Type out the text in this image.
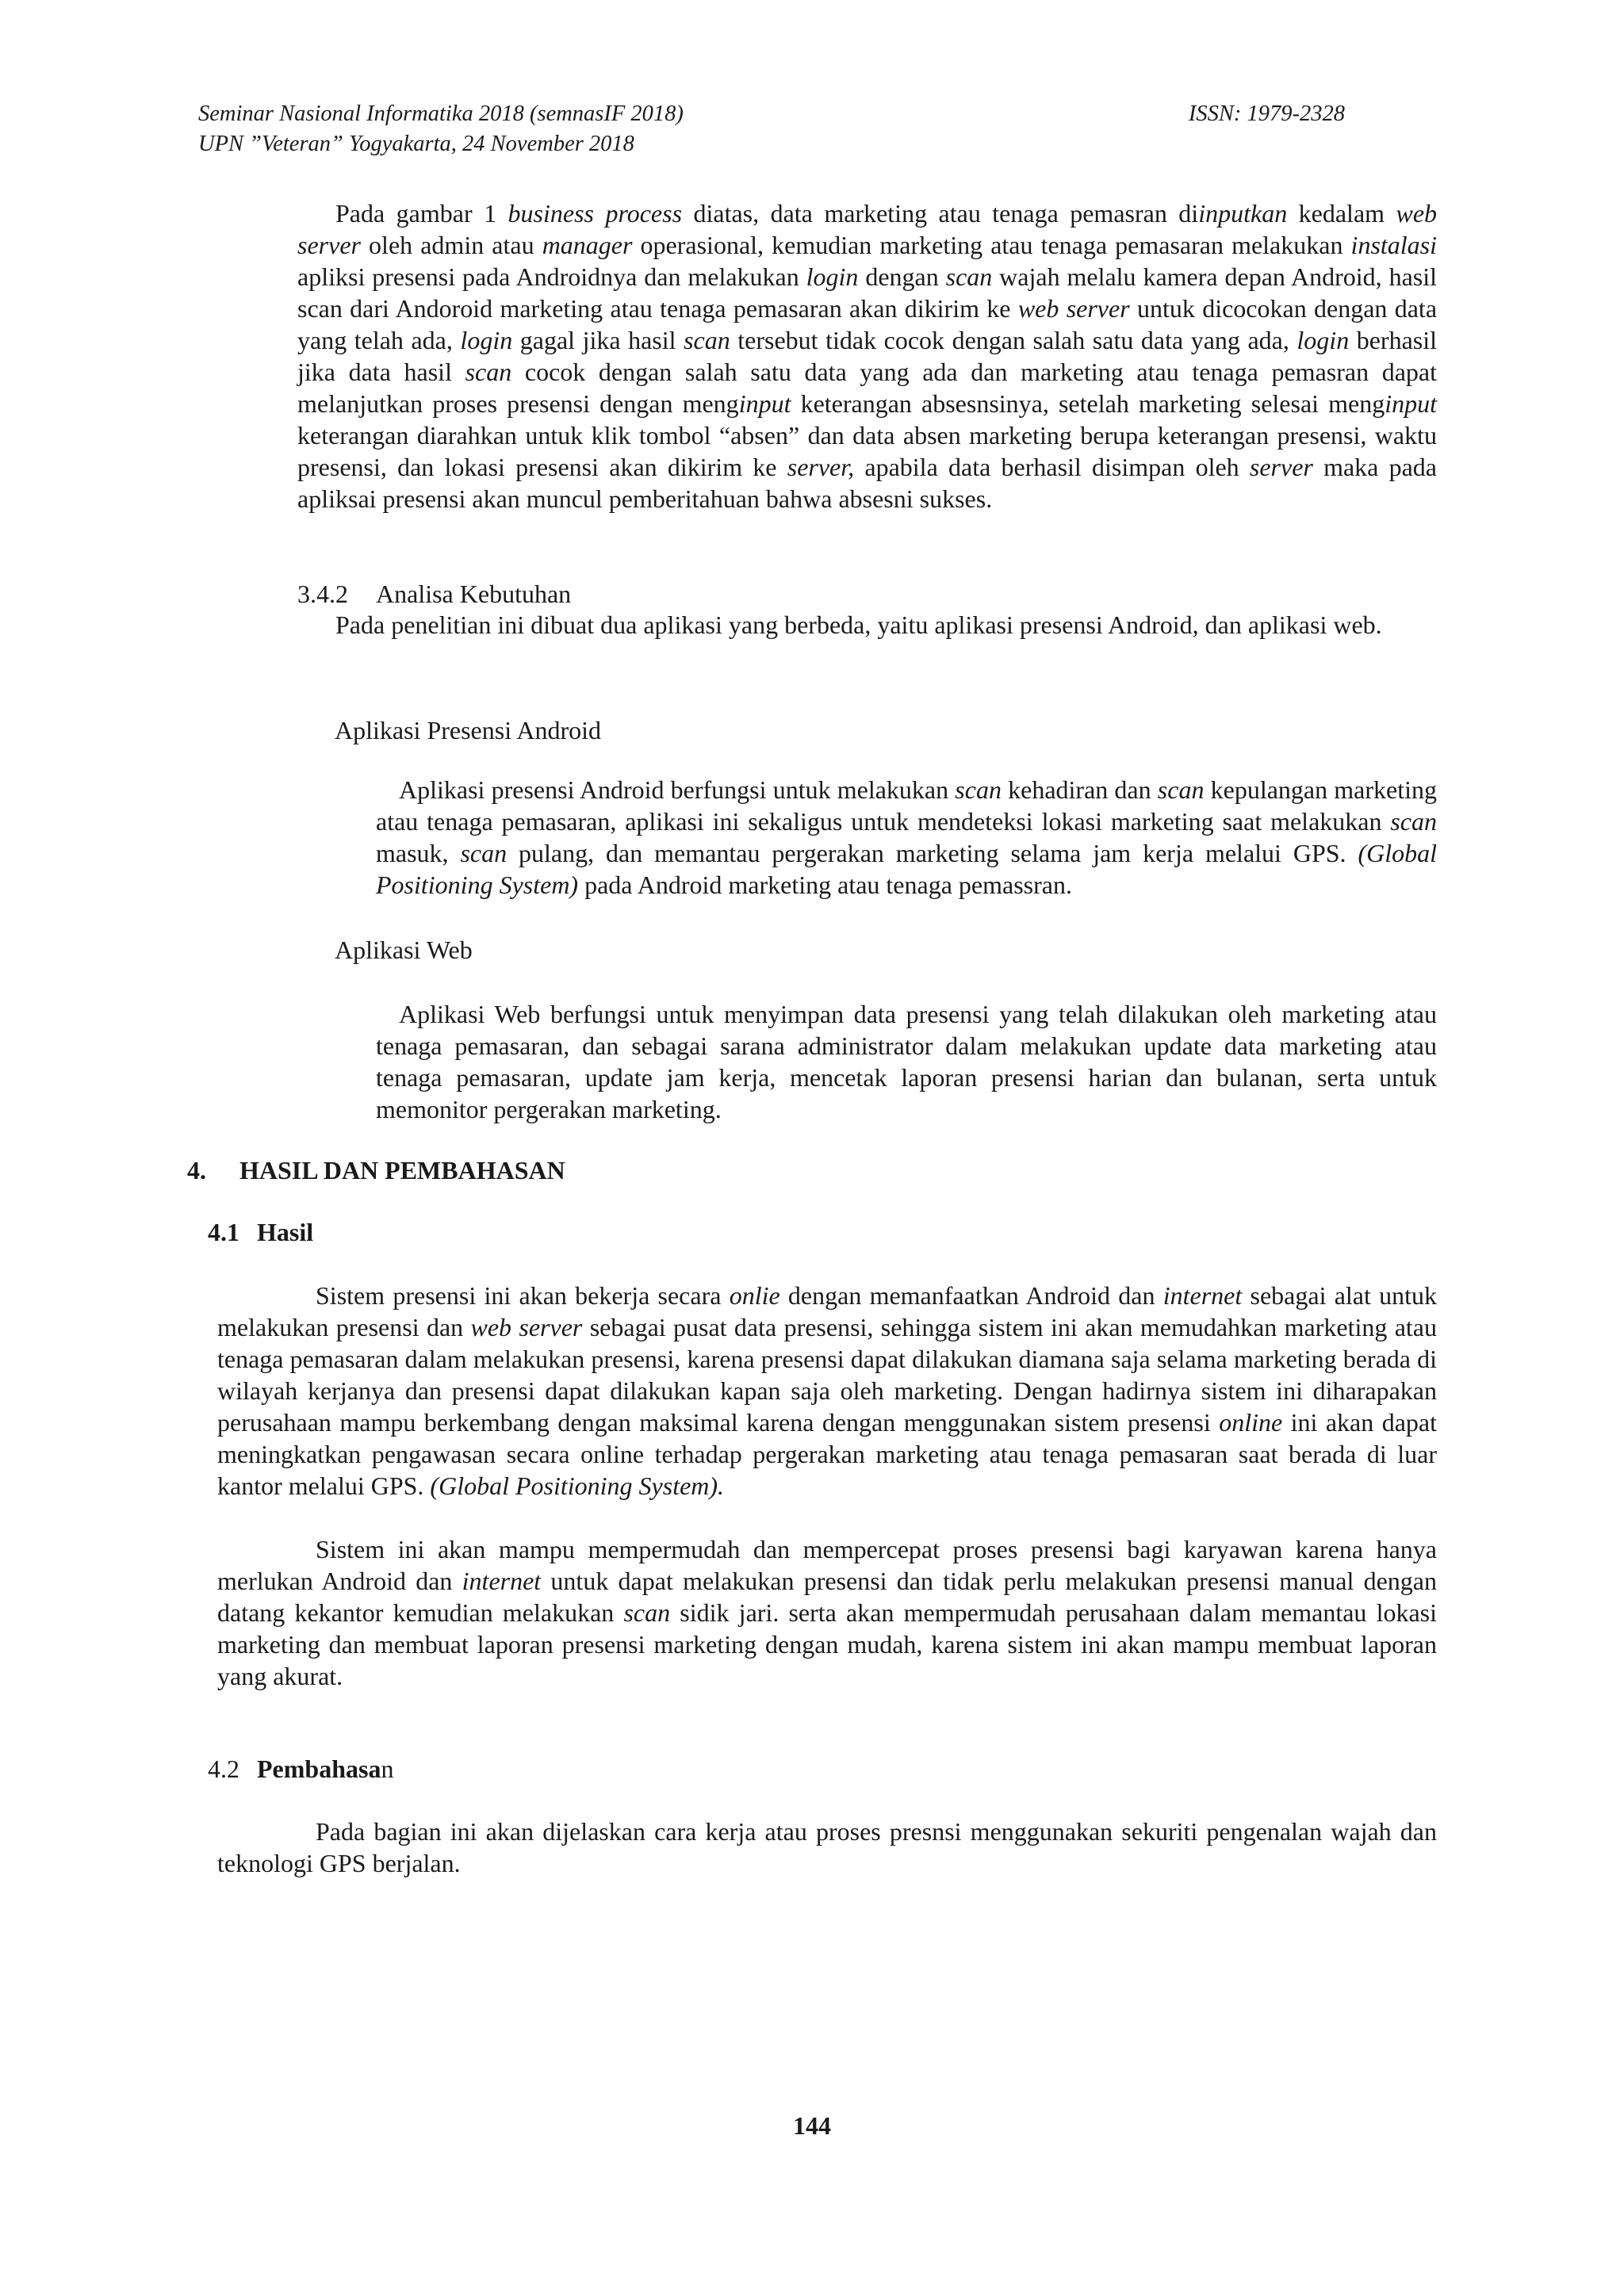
Seminar Nasional Informatika 2018 (semnasIF 2018)
UPN ”Veteran” Yogyakarta, 24 November 2018
ISSN: 1979-2328

Pada gambar 1 business process diatas, data marketing atau tenaga pemasran diinputkan kedalam web server oleh admin atau manager operasional, kemudian marketing atau tenaga pemasaran melakukan instalasi apliksi presensi pada Androidnya dan melakukan login dengan scan wajah melalu kamera depan Android, hasil scan dari Andoroid marketing atau tenaga pemasaran akan dikirim ke web server untuk dicocokan dengan data yang telah ada, login gagal jika hasil scan tersebut tidak cocok dengan salah satu data yang ada, login berhasil jika data hasil scan cocok dengan salah satu data yang ada dan marketing atau tenaga pemasran dapat melanjutkan proses presensi dengan menginput keterangan absesnsinya, setelah marketing selesai menginput keterangan diarahkan untuk klik tombol “absen” dan data absen marketing berupa keterangan presensi, waktu presensi, dan lokasi presensi akan dikirim ke server, apabila data berhasil disimpan oleh server maka pada apliksai presensi akan muncul pemberitahuan bahwa absesni sukses.

3.4.2 Analisa Kebutuhan

Pada penelitian ini dibuat dua aplikasi yang berbeda, yaitu aplikasi presensi Android, dan aplikasi web.

Aplikasi Presensi Android

Aplikasi presensi Android berfungsi untuk melakukan scan kehadiran dan scan kepulangan marketing atau tenaga pemasaran, aplikasi ini sekaligus untuk mendeteksi lokasi marketing saat melakukan scan masuk, scan pulang, dan memantau pergerakan marketing selama jam kerja melalui GPS. (Global Positioning System) pada Android marketing atau tenaga pemassran.

Aplikasi Web

Aplikasi Web berfungsi untuk menyimpan data presensi yang telah dilakukan oleh marketing atau tenaga pemasaran, dan sebagai sarana administrator dalam melakukan update data marketing atau tenaga pemasaran, update jam kerja, mencetak laporan presensi harian dan bulanan, serta untuk memonitor pergerakan marketing.

4. HASIL DAN PEMBAHASAN
4.1 Hasil

Sistem presensi ini akan bekerja secara onlie dengan memanfaatkan Android dan internet sebagai alat untuk melakukan presensi dan web server sebagai pusat data presensi, sehingga sistem ini akan memudahkan marketing atau tenaga pemasaran dalam melakukan presensi, karena presensi dapat dilakukan diamana saja selama marketing berada di wilayah kerjanya dan presensi dapat dilakukan kapan saja oleh marketing. Dengan hadirnya sistem ini diharapakan perusahaan mampu berkembang dengan maksimal karena dengan menggunakan sistem presensi online ini akan dapat meningkatkan pengawasan secara online terhadap pergerakan marketing atau tenaga pemasaran saat berada di luar kantor melalui GPS. (Global Positioning System).

Sistem ini akan mampu mempermudah dan mempercepat proses presensi bagi karyawan karena hanya merlukan Android dan internet untuk dapat melakukan presensi dan tidak perlu melakukan presensi manual dengan datang kekantor kemudian melakukan scan sidik jari. serta akan mempermudah perusahaan dalam memantau lokasi marketing dan membuat laporan presensi marketing dengan mudah, karena sistem ini akan mampu membuat laporan yang akurat.

4.2 Pembahasan

Pada bagian ini akan dijelaskan cara kerja atau proses presnsi menggunakan sekuriti pengenalan wajah dan teknologi GPS berjalan.

144
